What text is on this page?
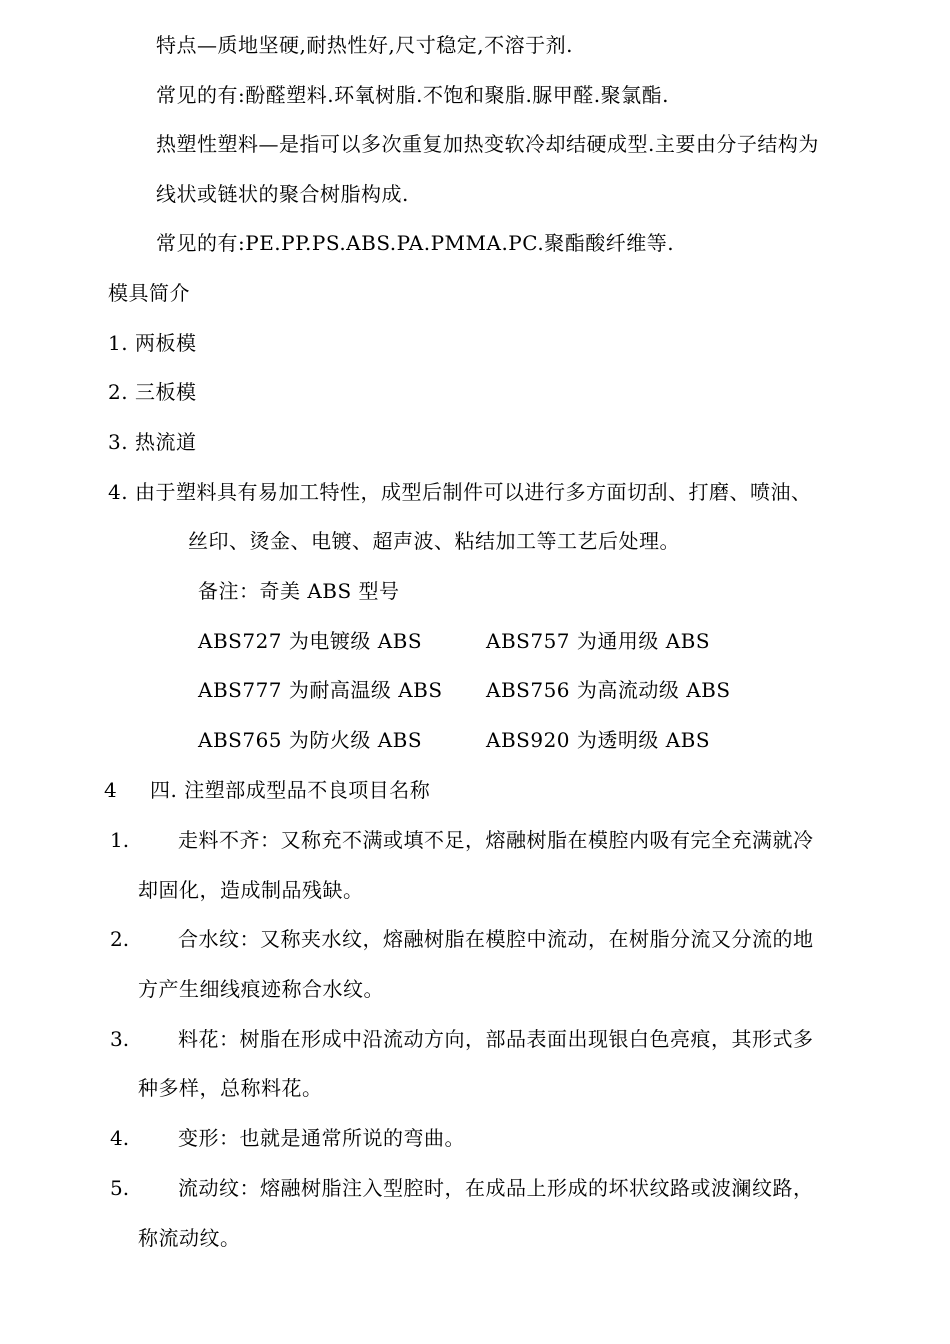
特点—质地坚硬,耐热性好,尺寸稳定,不溶于剂.
常见的有:酚醛塑料.环氧树脂.不饱和聚脂.脲甲醛.聚氯酯.
热塑性塑料—是指可以多次重复加热变软冷却结硬成型.主要由分子结构为
线状或链状的聚合树脂构成.
常见的有:PE.PP.PS.ABS.PA.PMMA.PC.聚酯酸纤维等.
模具简介
1. 两板模
2. 三板模
3. 热流道
4. 由于塑料具有易加工特性，成型后制件可以进行多方面切刮、打磨、喷油、
丝印、烫金、电镀、超声波、粘结加工等工艺后处理。
备注：奇美 ABS 型号
ABS727 为电镀级 ABS	ABS757 为通用级 ABS
ABS777 为耐高温级 ABS ABS756 为高流动级 ABS
ABS765 为防火级 ABS	ABS920 为透明级 ABS
4 四. 注塑部成型品不良项目名称
1. 走料不齐：又称充不满或填不足，熔融树脂在模腔内吸有完全充满就冷
却固化，造成制品残缺。
2. 合水纹：又称夹水纹，熔融树脂在模腔中流动，在树脂分流又分流的地
方产生细线痕迹称合水纹。
3. 料花：树脂在形成中沿流动方向，部品表面出现银白色亮痕，其形式多
种多样，总称料花。
4. 变形：也就是通常所说的弯曲。
5. 流动纹：熔融树脂注入型腔时，在成品上形成的坏状纹路或波澜纹路，
称流动纹。
